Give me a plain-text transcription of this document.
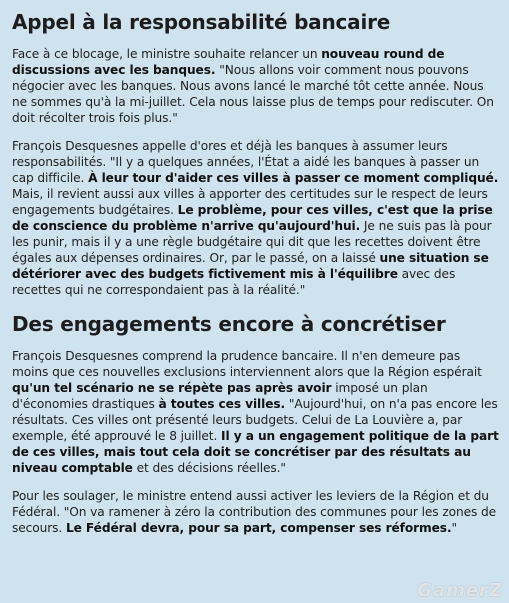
Appel à la responsabilité bancaire

Face à ce blocage, le ministre souhaite relancer un nouveau round de discussions avec les banques. "Nous allons voir comment nous pouvons négocier avec les banques. Nous avons lancé le marché tôt cette année. Nous ne sommes qu'à la mi-juillet. Cela nous laisse plus de temps pour rediscuter. On doit récolter trois fois plus."

François Desquesnes appelle d'ores et déjà les banques à assumer leurs responsabilités. "Il y a quelques années, l'État a aidé les banques à passer un cap difficile. À leur tour d'aider ces villes à passer ce moment compliqué. Mais, il revient aussi aux villes à apporter des certitudes sur le respect de leurs engagements budgétaires. Le problème, pour ces villes, c'est que la prise de conscience du problème n'arrive qu'aujourd'hui. Je ne suis pas là pour les punir, mais il y a une règle budgétaire qui dit que les recettes doivent être égales aux dépenses ordinaires. Or, par le passé, on a laissé une situation se détériorer avec des budgets fictivement mis à l'équilibre avec des recettes qui ne correspondaient pas à la réalité."

Des engagements encore à concrétiser

François Desquesnes comprend la prudence bancaire. Il n'en demeure pas moins que ces nouvelles exclusions interviennent alors que la Région espérait qu'un tel scénario ne se répète pas après avoir imposé un plan d'économies drastiques à toutes ces villes. "Aujourd'hui, on n'a pas encore les résultats. Ces villes ont présenté leurs budgets. Celui de La Louvière a, par exemple, été approuvé le 8 juillet. Il y a un engagement politique de la part de ces villes, mais tout cela doit se concrétiser par des résultats au niveau comptable et des décisions réelles."

Pour les soulager, le ministre entend aussi activer les leviers de la Région et du Fédéral. "On va ramener à zéro la contribution des communes pour les zones de secours. Le Fédéral devra, pour sa part, compenser ses réformes."

GamerZ
